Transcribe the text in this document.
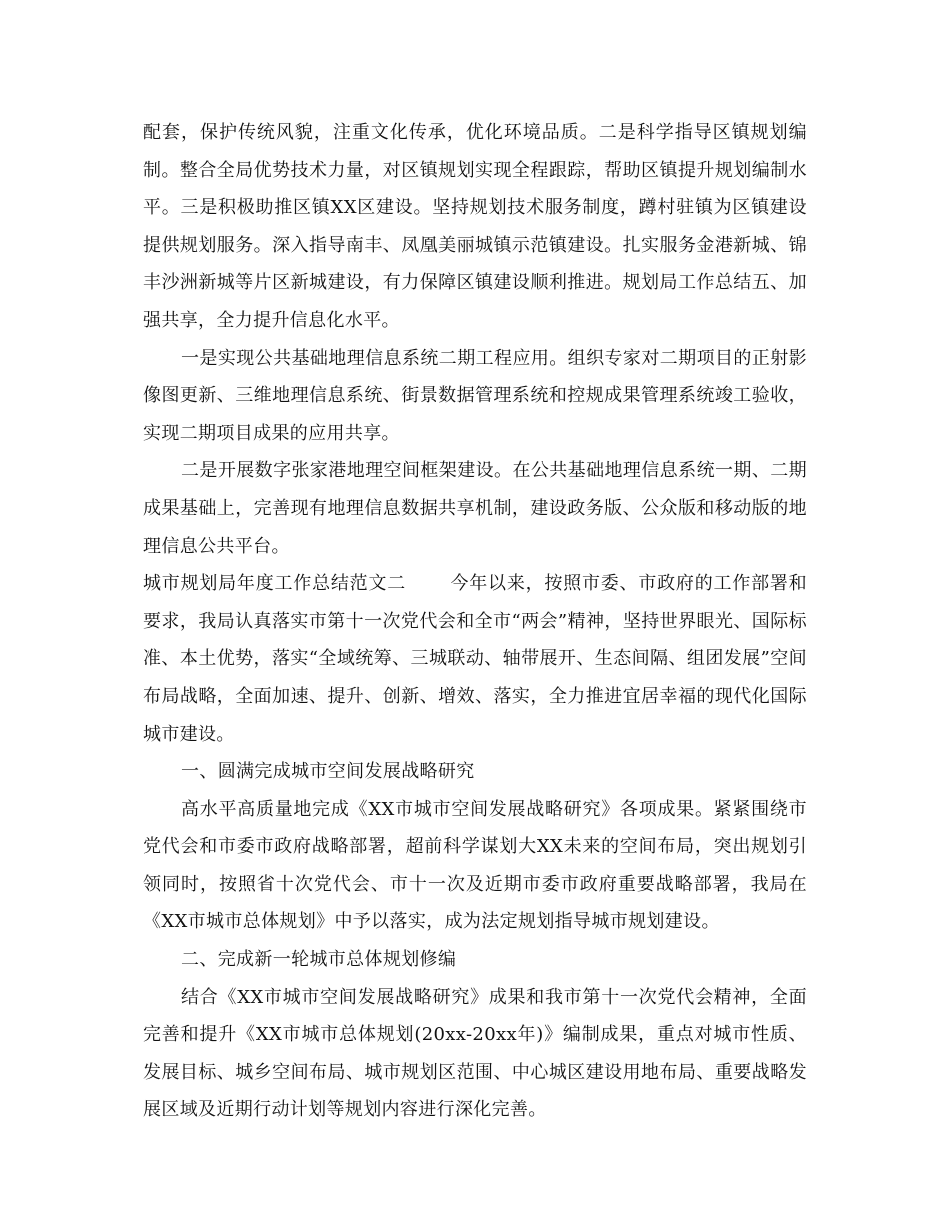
配套，保护传统风貌，注重文化传承，优化环境品质。二是科学指导区镇规划编制。整合全局优势技术力量，对区镇规划实现全程跟踪，帮助区镇提升规划编制水平。三是积极助推区镇XX区建设。坚持规划技术服务制度，蹲村驻镇为区镇建设提供规划服务。深入指导南丰、凤凰美丽城镇示范镇建设。扎实服务金港新城、锦丰沙洲新城等片区新城建设，有力保障区镇建设顺利推进。规划局工作总结五、加强共享，全力提升信息化水平。

一是实现公共基础地理信息系统二期工程应用。组织专家对二期项目的正射影像图更新、三维地理信息系统、街景数据管理系统和控规成果管理系统竣工验收，实现二期项目成果的应用共享。

二是开展数字张家港地理空间框架建设。在公共基础地理信息系统一期、二期成果基础上，完善现有地理信息数据共享机制，建设政务版、公众版和移动版的地理信息公共平台。

城市规划局年度工作总结范文二 今年以来，按照市委、市政府的工作部署和要求，我局认真落实市第十一次党代会和全市“两会”精神，坚持世界眼光、国际标准、本土优势，落实“全域统筹、三城联动、轴带展开、生态间隔、组团发展”空间布局战略，全面加速、提升、创新、增效、落实，全力推进宜居幸福的现代化国际城市建设。

一、圆满完成城市空间发展战略研究

高水平高质量地完成《XX市城市空间发展战略研究》各项成果。紧紧围绕市党代会和市委市政府战略部署，超前科学谋划大XX未来的空间布局，突出规划引领同时，按照省十次党代会、市十一次及近期市委市政府重要战略部署，我局在《XX市城市总体规划》中予以落实，成为法定规划指导城市规划建设。

二、完成新一轮城市总体规划修编

结合《XX市城市空间发展战略研究》成果和我市第十一次党代会精神，全面完善和提升《XX市城市总体规划(20xx-20xx年)》编制成果，重点对城市性质、发展目标、城乡空间布局、城市规划区范围、中心城区建设用地布局、重要战略发展区域及近期行动计划等规划内容进行深化完善。
